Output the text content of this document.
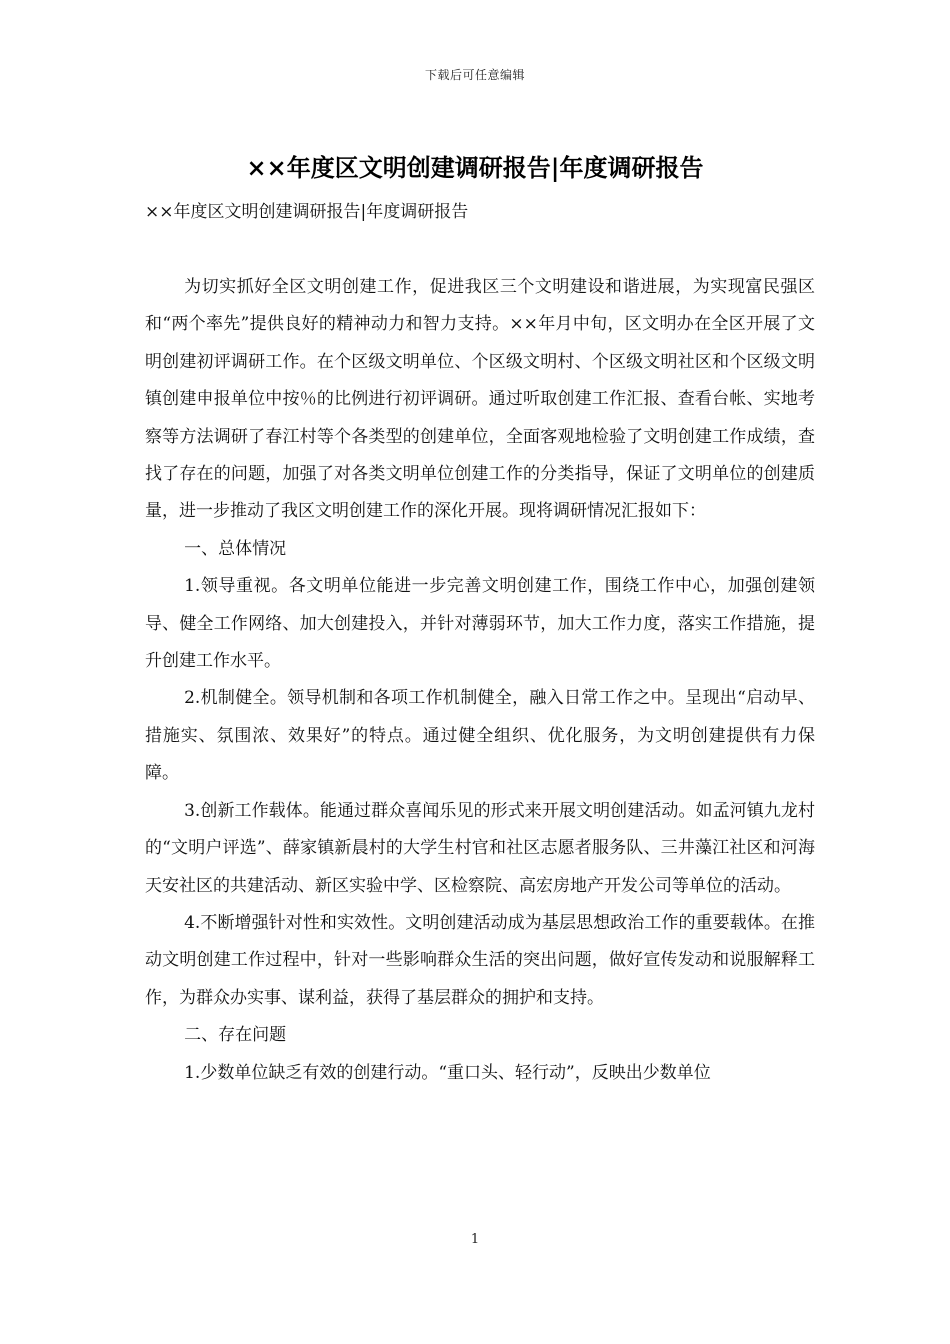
下载后可任意编辑
××年度区文明创建调研报告|年度调研报告
××年度区文明创建调研报告|年度调研报告

为切实抓好全区文明创建工作，促进我区三个文明建设和谐进展，为实现富民强区和“两个率先”提供良好的精神动力和智力支持。××年月中旬，区文明办在全区开展了文明创建初评调研工作。在个区级文明单位、个区级文明村、个区级文明社区和个区级文明镇创建申报单位中按％的比例进行初评调研。通过听取创建工作汇报、查看台帐、实地考察等方法调研了春江村等个各类型的创建单位，全面客观地检验了文明创建工作成绩，查找了存在的问题，加强了对各类文明单位创建工作的分类指导，保证了文明单位的创建质量，进一步推动了我区文明创建工作的深化开展。现将调研情况汇报如下：

一、总体情况

1.领导重视。各文明单位能进一步完善文明创建工作，围绕工作中心，加强创建领导、健全工作网络、加大创建投入，并针对薄弱环节，加大工作力度，落实工作措施，提升创建工作水平。

2.机制健全。领导机制和各项工作机制健全，融入日常工作之中。呈现出“启动早、措施实、氛围浓、效果好”的特点。通过健全组织、优化服务，为文明创建提供有力保障。

3.创新工作载体。能通过群众喜闻乐见的形式来开展文明创建活动。如孟河镇九龙村的“文明户评选”、薛家镇新晨村的大学生村官和社区志愿者服务队、三井藻江社区和河海天安社区的共建活动、新区实验中学、区检察院、高宏房地产开发公司等单位的活动。

4.不断增强针对性和实效性。文明创建活动成为基层思想政治工作的重要载体。在推动文明创建工作过程中，针对一些影响群众生活的突出问题，做好宣传发动和说服解释工作，为群众办实事、谋利益，获得了基层群众的拥护和支持。

二、存在问题

1.少数单位缺乏有效的创建行动。“重口头、轻行动”，反映出少数单位

1
